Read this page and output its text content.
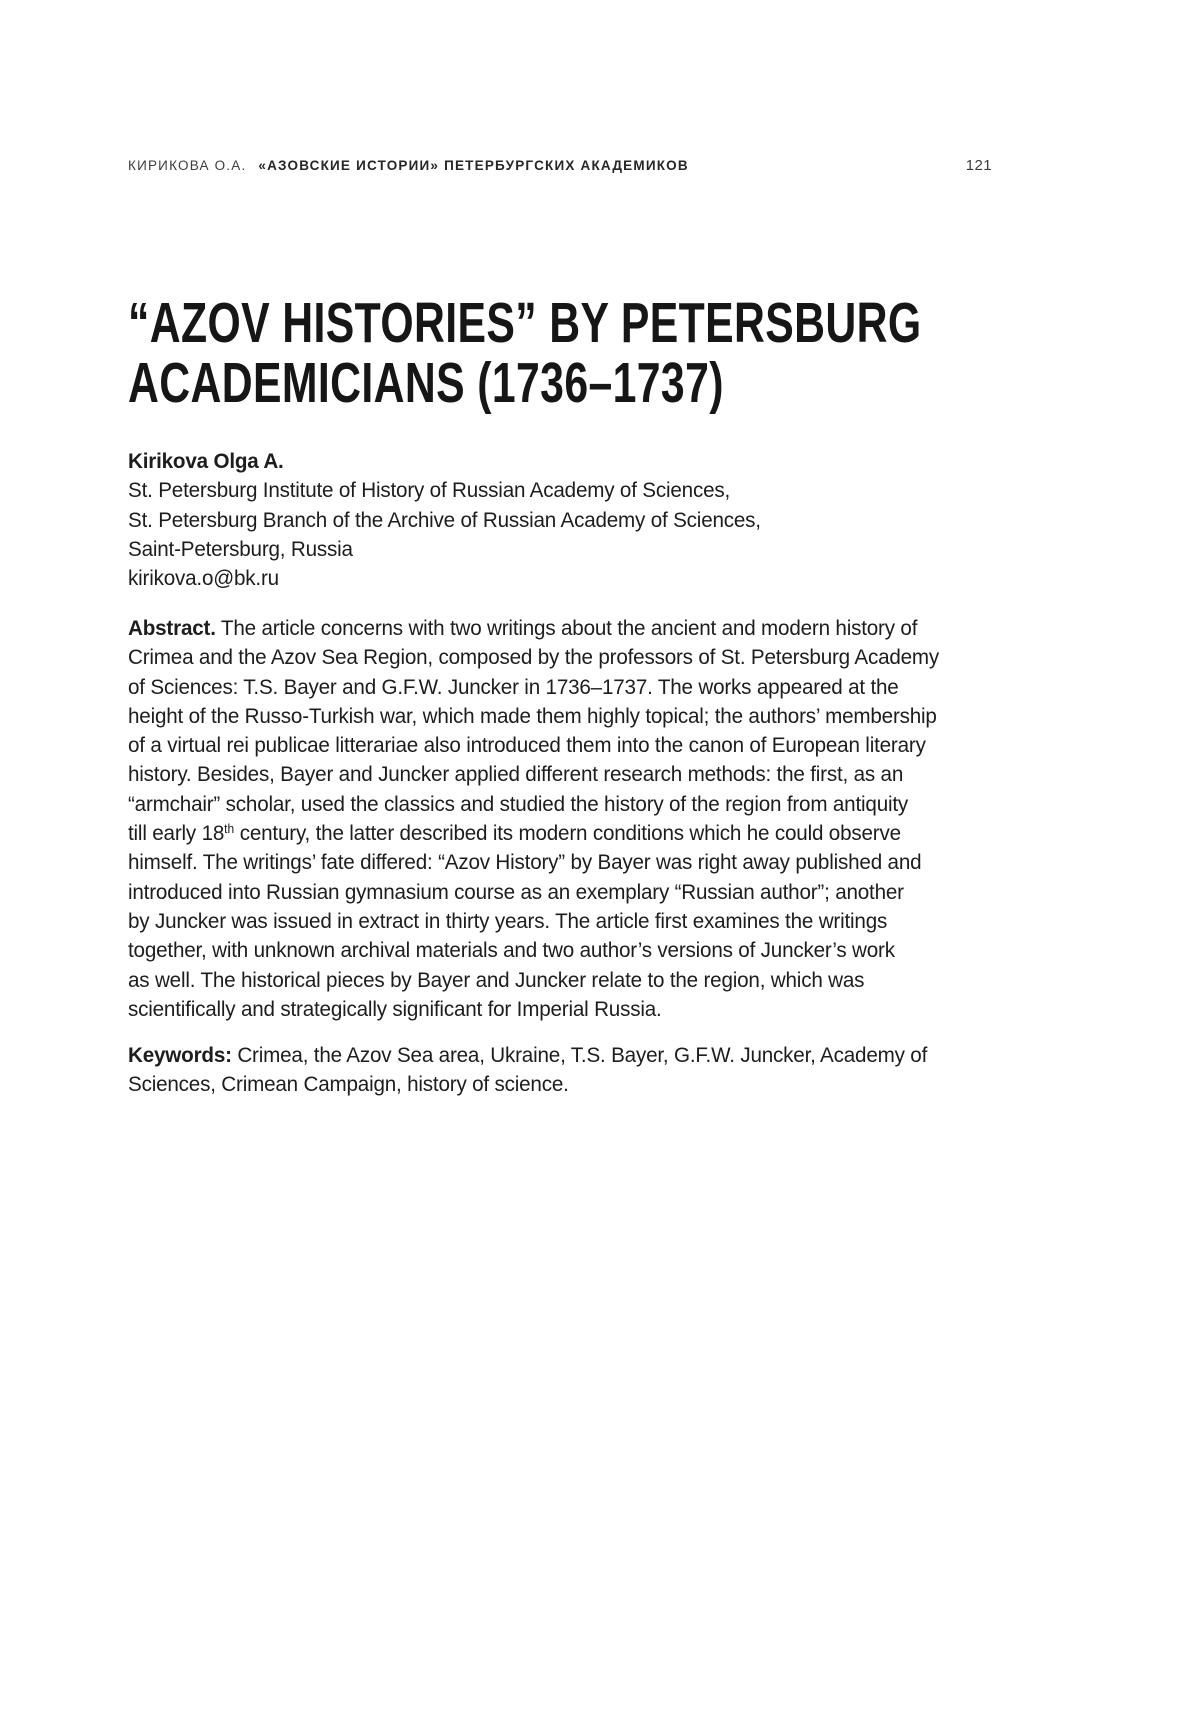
КИРИКОВА О.А. «АЗОВСКИЕ ИСТОРИИ» ПЕТЕРБУРГСКИХ АКАДЕМИКОВ	121
“AZOV HISTORIES” BY PETERSBURG
ACADEMICIANS (1736–1737)
Kirikova Olga A.
St. Petersburg Institute of History of Russian Academy of Sciences,
St. Petersburg Branch of the Archive of Russian Academy of Sciences,
Saint-Petersburg, Russia
kirikova.o@bk.ru
Abstract. The article concerns with two writings about the ancient and modern history of
Crimea and the Azov Sea Region, composed by the professors of St. Petersburg Academy
of Sciences: T.S. Bayer and G.F.W. Juncker in 1736–1737. The works appeared at the
height of the Russo-Turkish war, which made them highly topical; the authors’ membership
of a virtual rei publicae litterariae also introduced them into the canon of European literary
history. Besides, Bayer and Juncker applied different research methods: the first, as an
“armchair” scholar, used the classics and studied the history of the region from antiquity
till early 18th century, the latter described its modern conditions which he could observe
himself. The writings’ fate differed: “Azov History” by Bayer was right away published and
introduced into Russian gymnasium course as an exemplary “Russian author”; another
by Juncker was issued in extract in thirty years. The article first examines the writings
together, with unknown archival materials and two author’s versions of Juncker’s work
as well. The historical pieces by Bayer and Juncker relate to the region, which was
scientifically and strategically significant for Imperial Russia.
Keywords: Crimea, the Azov Sea area, Ukraine, T.S. Bayer, G.F.W. Juncker, Academy of
Sciences, Crimean Campaign, history of science.
